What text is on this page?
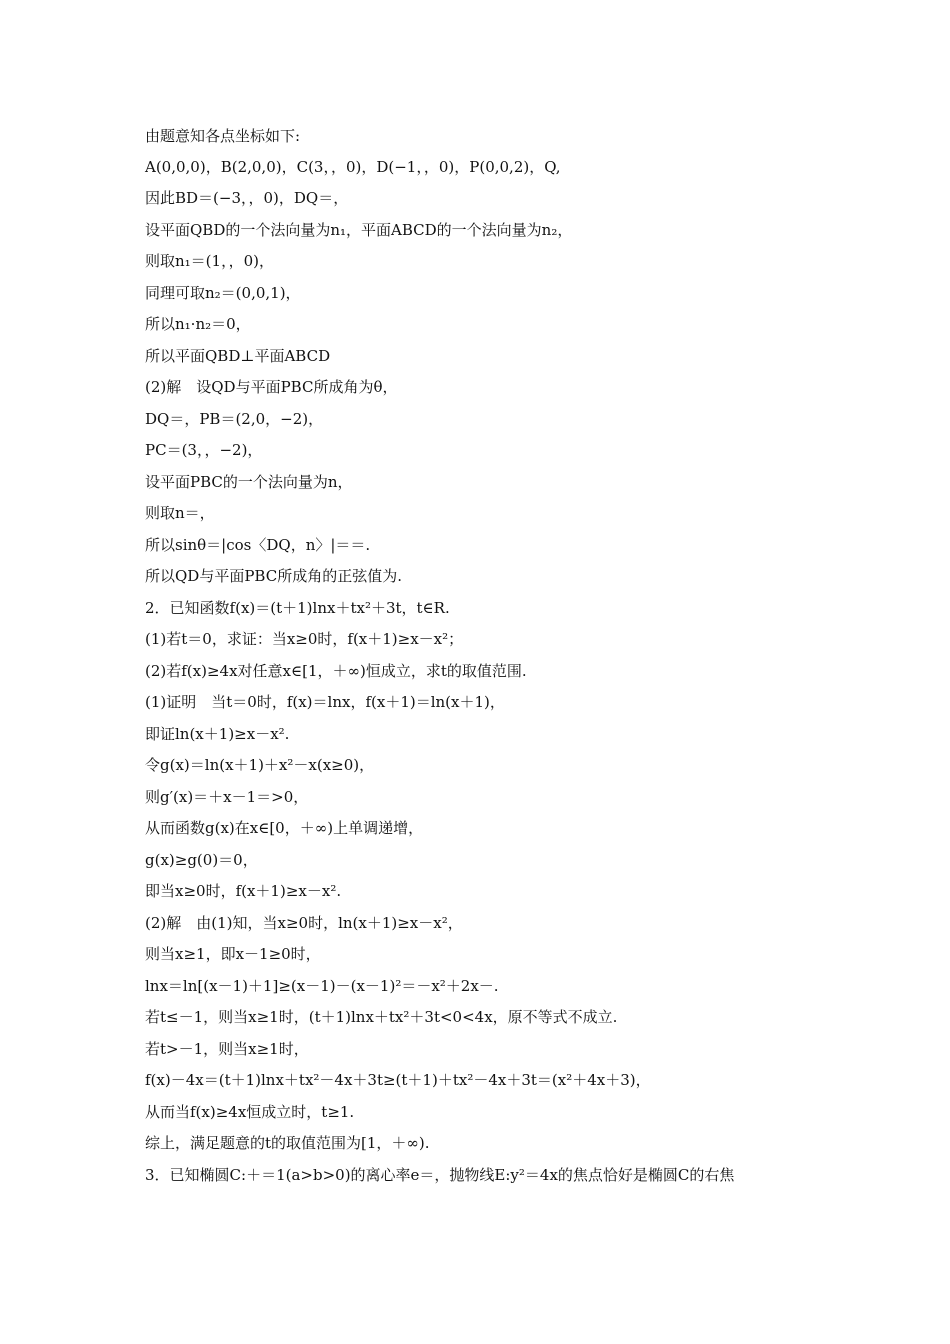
由题意知各点坐标如下:
A(0,0,0)，B(2,0,0)，C(3，，0)，D(−1，，0)，P(0,0,2)，Q,
因此BD＝(−3，，0)，DQ＝，
设平面QBD的一个法向量为n₁，平面ABCD的一个法向量为n₂，
则取n₁＝(1，，0)，
同理可取n₂＝(0,0,1)，
所以n₁·n₂＝0，
所以平面QBD⊥平面ABCD
(2)解　设QD与平面PBC所成角为θ，
DQ＝，PB＝(2,0，−2)，
PC＝(3，，−2)，
设平面PBC的一个法向量为n，
则取n＝，
所以sinθ＝|cos〈DQ，n〉|＝＝.
所以QD与平面PBC所成角的正弦值为.
2．已知函数f(x)＝(t＋1)lnx＋tx²＋3t，t∈R.
(1)若t＝0，求证：当x≥0时，f(x＋1)≥x－x²；
(2)若f(x)≥4x对任意x∈[1，＋∞)恒成立，求t的取值范围.
(1)证明　当t＝0时，f(x)＝lnx，f(x＋1)＝ln(x＋1)，
即证ln(x＋1)≥x－x².
令g(x)＝ln(x＋1)＋x²－x(x≥0)，
则g′(x)＝＋x－1＝>0，
从而函数g(x)在x∈[0，＋∞)上单调递增，
g(x)≥g(0)＝0，
即当x≥0时，f(x＋1)≥x－x².
(2)解　由(1)知，当x≥0时，ln(x＋1)≥x－x²，
则当x≥1，即x－1≥0时，
lnx＝ln[(x－1)＋1]≥(x－1)－(x－1)²＝－x²＋2x－.
若t≤－1，则当x≥1时，(t＋1)lnx＋tx²＋3t<0<4x，原不等式不成立.
若t>－1，则当x≥1时，
f(x)－4x＝(t＋1)lnx＋tx²－4x＋3t≥(t＋1)＋tx²－4x＋3t＝(x²＋4x＋3)，
从而当f(x)≥4x恒成立时，t≥1.
综上，满足题意的t的取值范围为[1，＋∞).
3．已知椭圆C:＋＝1(a>b>0)的离心率e＝，抛物线E:y²＝4x的焦点恰好是椭圆C的右焦
